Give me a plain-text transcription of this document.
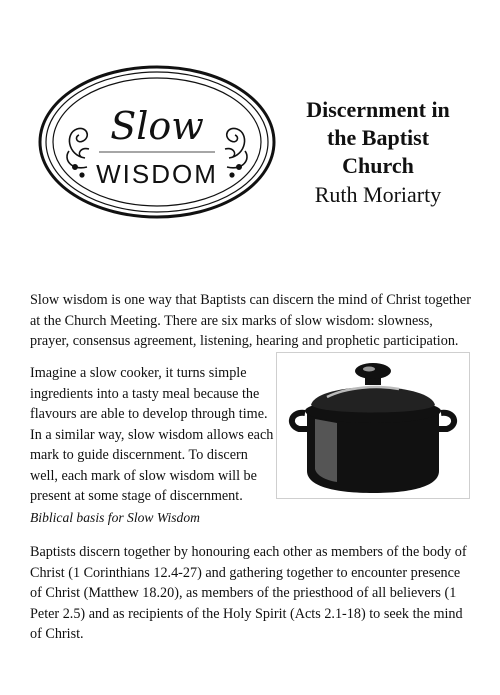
Slow
WISDOM

Discernment in

the Baptist

Church

Ruth Moriarty

Slow wisdom is one way that Baptists can discern the mind of Christ together at the Church Meeting. There are six marks of slow wisdom: slowness, prayer, consensus agreement, listening, hearing and prophetic participation.

Imagine a slow cooker, it turns simple ingredients into a tasty meal because the flavours are able to develop through time. In a similar way, slow wisdom allows each mark to guide discernment. To discern well, each mark of slow wisdom will be present at some stage of discernment.

Biblical basis for Slow Wisdom

Baptists discern together by honouring each other as members of the body of Christ (1 Corinthians 12.4-27) and gathering together to encounter presence of Christ (Matthew 18.20), as members of the priesthood of all believers (1 Peter 2.5) and as recipients of the Holy Spirit (Acts 2.1-18) to seek the mind of Christ.
